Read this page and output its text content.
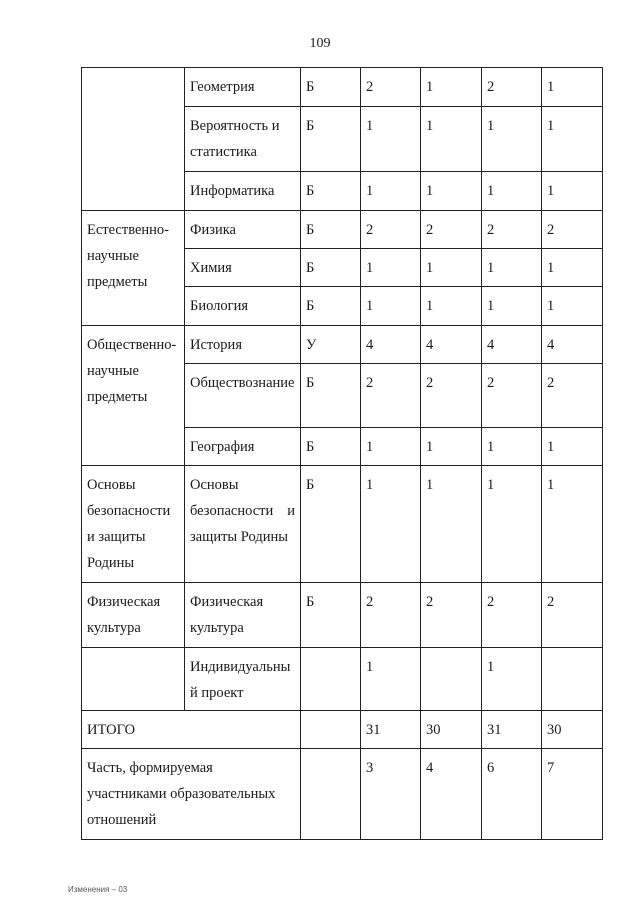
109
	Геометрия	Б	2	1	2	1
	Вероятность и статистика	Б	1	1	1	1
	Информатика	Б	1	1	1	1
Естественно-научные предметы	Физика	Б	2	2	2	2
	Химия	Б	1	1	1	1
	Биология	Б	1	1	1	1
Общественно-научные предметы	История	У	4	4	4	4
	Обществознание	Б	2	2	2	2
	География	Б	1	1	1	1
Основы безопасности и защиты Родины	Основы безопасности и защиты Родины	Б	1	1	1	1
Физическая культура	Физическая культура	Б	2	2	2	2
	Индивидуальный проект		1		1	
ИТОГО			31	30	31	30
Часть, формируемая участниками образовательных отношений			3	4	6	7
Изменения – 03
